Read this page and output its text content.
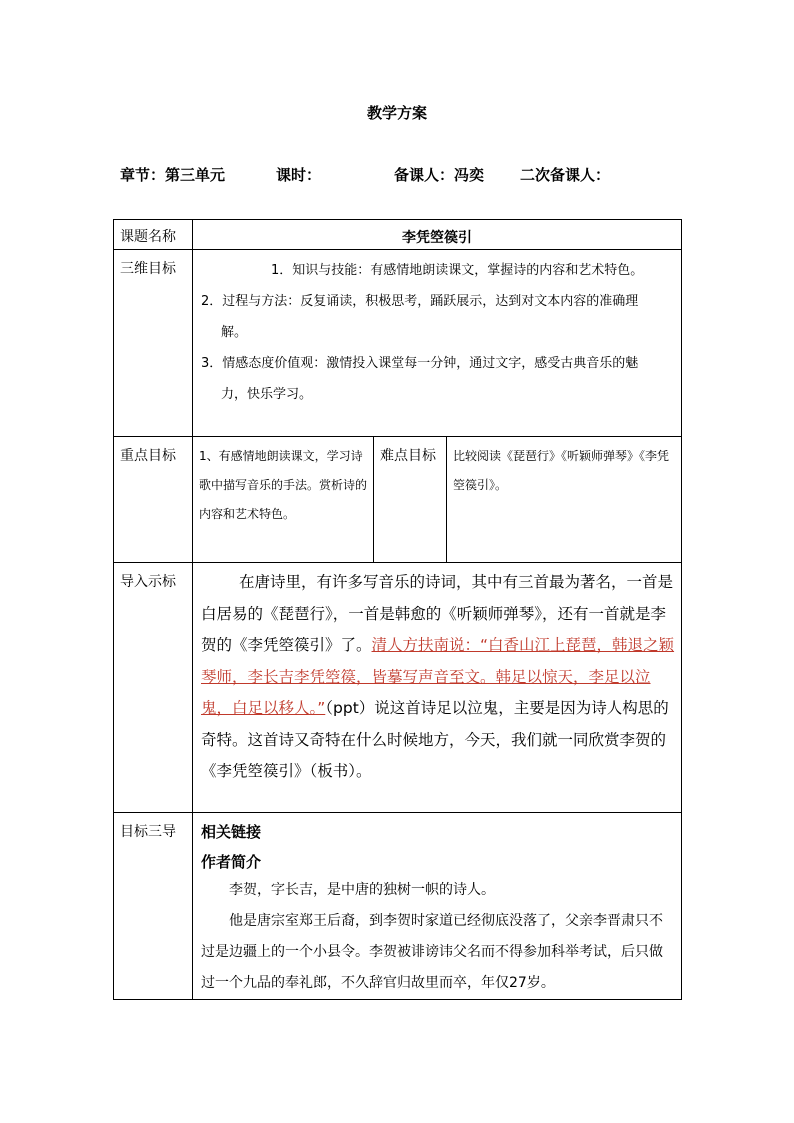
教学方案
章节：第三单元	课时：	备课人：冯奕 二次备课人：
课题名称	李凭箜篌引		
三维目标	1．知识与技能：有感情地朗读课文，掌握诗的内容和艺术特色。

2．过程与方法：反复诵读，积极思考，踊跃展示，达到对文本内容的准确理

解。

3．情感态度价值观：激情投入课堂每一分钟，通过文字，感受古典音乐的魅

力，快乐学习。		

重点目标	1、有感情地朗读课文，学习诗歌中描写音乐的手法。赏析诗的内容和艺术特色。	难点目标	比较阅读《琵琶行》《听颖师弹琴》《李凭箜篌引》。
导入示标	在唐诗里，有许多写音乐的诗词，其中有三首最为著名，一首是白居易的《琵琶行》，一首是韩愈的《听颖师弹琴》，还有一首就是李贺的《李凭箜篌引》了。清人方扶南说：“白香山江上琵琶，韩退之颖琴师，李长吉李凭箜篌，皆摹写声音至文。韩足以惊天，李足以泣鬼，白足以移人。”（ppt）说这首诗足以泣鬼，主要是因为诗人构思的奇特。这首诗又奇特在什么时候地方，今天，我们就一同欣赏李贺的《李凭箜篌引》（板书）。		
目标三导	相关链接

作者简介

李贺，字长吉，是中唐的独树一帜的诗人。

他是唐宗室郑王后裔，到李贺时家道已经彻底没落了，父亲李晋肃只不过是边疆上的一个小县令。李贺被诽谤讳父名而不得参加科举考试，后只做过一个九品的奉礼郎，不久辞官归故里而卒，年仅27岁。		
